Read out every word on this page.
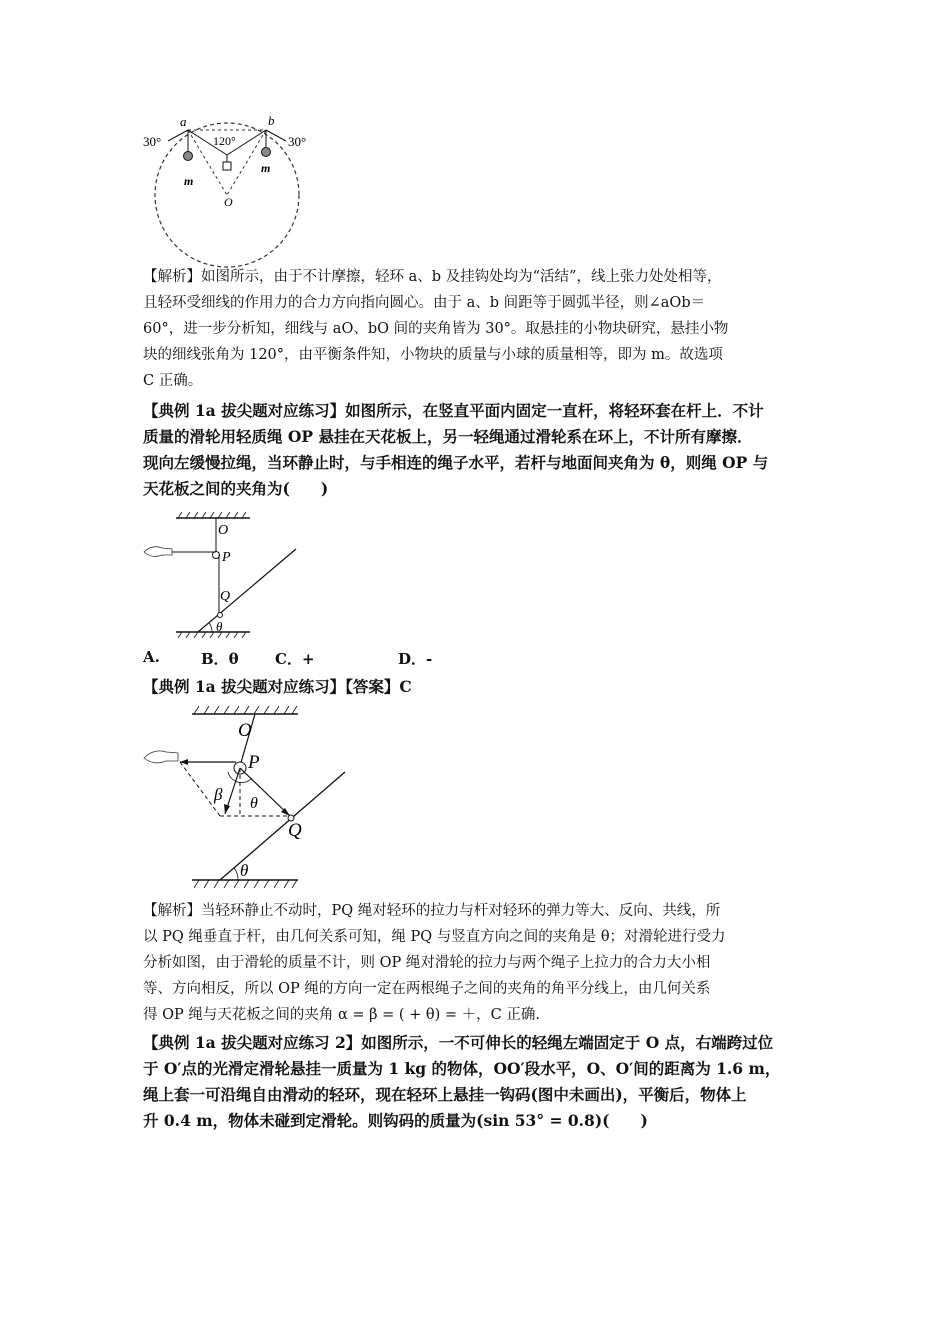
a	b
30°	30°
120°
m
m
O

【解析】如图所示，由于不计摩擦，轻环 a、b 及挂钩处均为“活结”，线上张力处处相等，

且轻环受细线的作用力的合力方向指向圆心。由于 a、b 间距等于圆弧半径，则∠aOb＝

60°，进一步分析知，细线与 aO、bO 间的夹角皆为 30°。取悬挂的小物块研究，悬挂小物

块的细线张角为 120°，由平衡条件知，小物块的质量与小球的质量相等，即为 m。故选项

C 正确。

【典例 1a 拔尖题对应练习】如图所示，在竖直平面内固定一直杆，将轻环套在杆上．不计

质量的滑轮用轻质绳 OP 悬挂在天花板上，另一轻绳通过滑轮系在环上，不计所有摩擦．

现向左缓慢拉绳，当环静止时，与手相连的绳子水平，若杆与地面间夹角为 θ，则绳 OP 与

天花板之间的夹角为(　　)

O
P
Q
θ
A.	B．θ C．+	D．-

【典例 1a 拔尖题对应练习】【答案】C

O
P
Q
β θ
θ

【解析】当轻环静止不动时，PQ 绳对轻环的拉力与杆对轻环的弹力等大、反向、共线，所

以 PQ 绳垂直于杆，由几何关系可知，绳 PQ 与竖直方向之间的夹角是 θ；对滑轮进行受力

分析如图，由于滑轮的质量不计，则 OP 绳对滑轮的拉力与两个绳子上拉力的合力大小相

等、方向相反，所以 OP 绳的方向一定在两根绳子之间的夹角的角平分线上，由几何关系

得 OP 绳与天花板之间的夹角 α = β = ( + θ) = ＋，C 正确.

【典例 1a 拔尖题对应练习 2】如图所示，一不可伸长的轻绳左端固定于 O 点，右端跨过位

于 O′点的光滑定滑轮悬挂一质量为 1 kg 的物体，OO′段水平，O、O′间的距离为 1.6 m，

绳上套一可沿绳自由滑动的轻环，现在轻环上悬挂一钩码(图中未画出)，平衡后，物体上

升 0.4 m，物体未碰到定滑轮。则钩码的质量为(sin 53° = 0.8)(　　)
